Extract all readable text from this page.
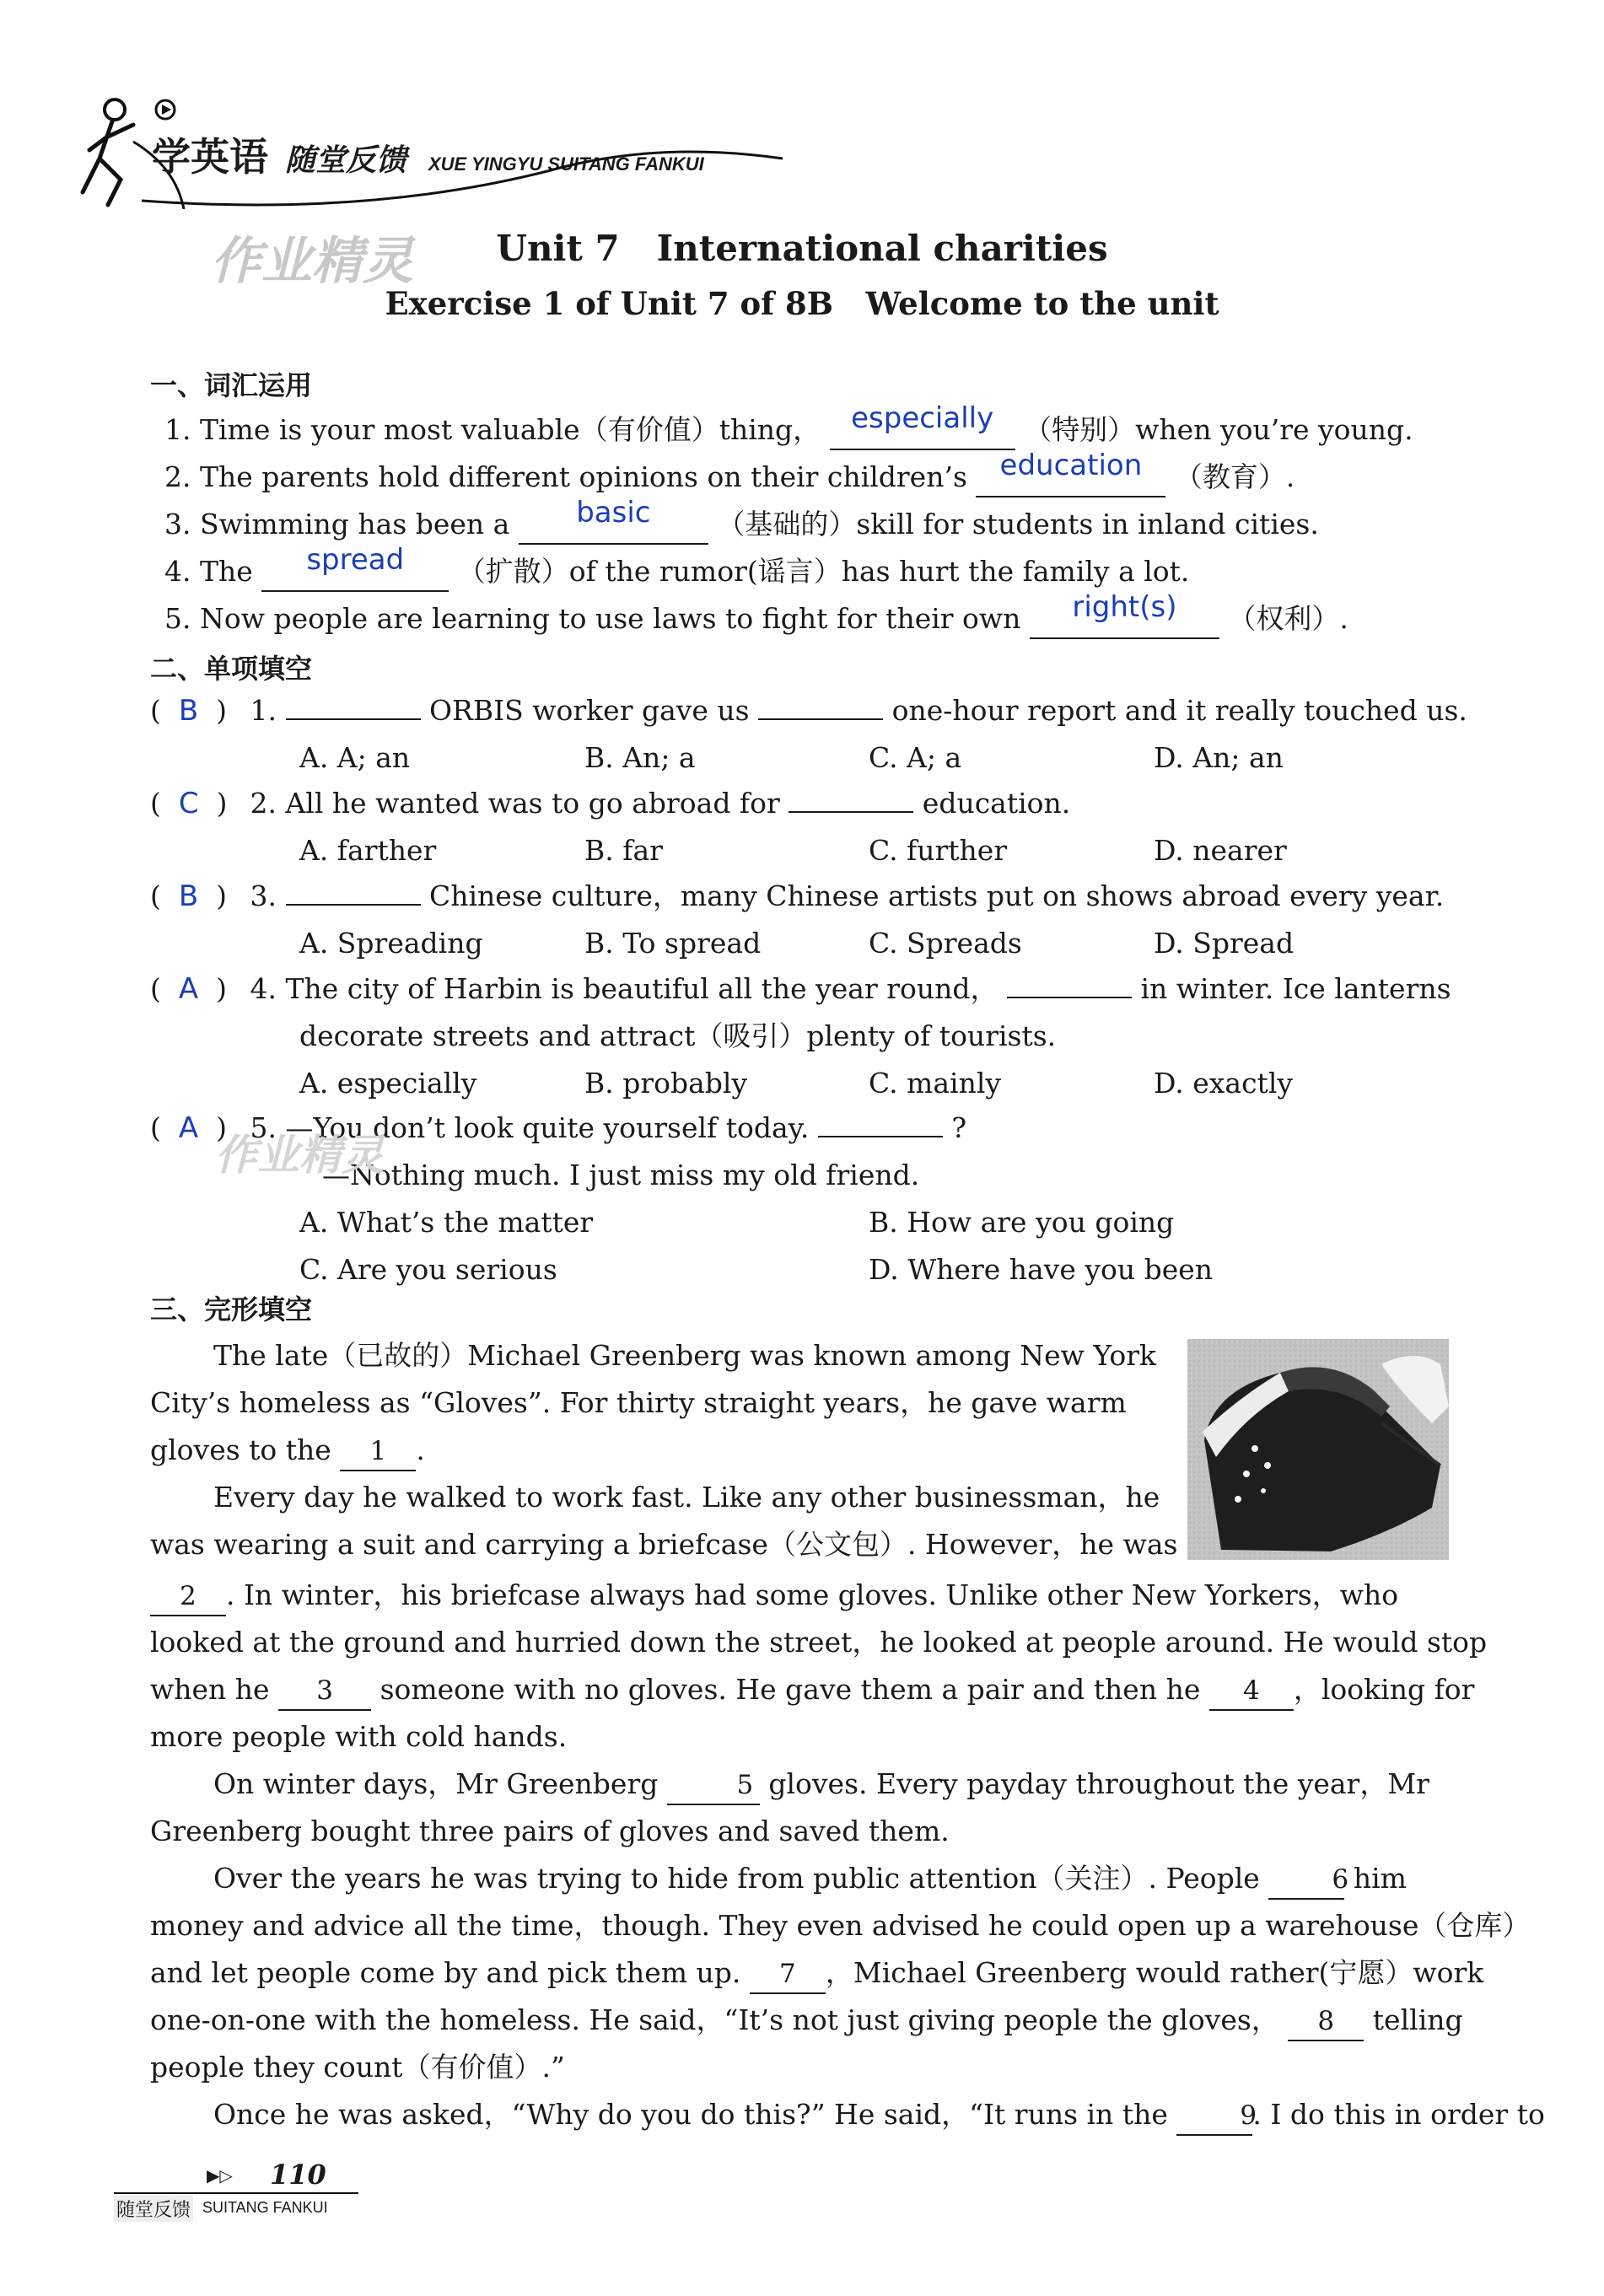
学英语 随堂反馈 XUE YINGYU SUITANG FANKUI
作业精灵	Unit 7   International charities
Exercise 1 of Unit 7 of 8B   Welcome to the unit
一、词汇运用
1. Time is your most valuable（有价值）thing， especially （特别）when you’re young.
2. The parents hold different opinions on their children’s education （教育）.
3. Swimming has been a basic （基础的）skill for students in inland cities.
4. The spread （扩散）of the rumor(谣言）has hurt the family a lot.
5. Now people are learning to use laws to fight for their own right(s) （权利）.
二、单项填空
(  B  ) 1.	ORBIS worker gave us	one-hour report and it really touched us.
A. A; an	B. An; a	C. A; a	D. An; an
(  C  ) 2. All he wanted was to go abroad for	education.
A. farther	B. far	C. further	D. nearer
(  B  ) 3.	Chinese culture，many Chinese artists put on shows abroad every year.
A. Spreading	B. To spread	C. Spreads	D. Spread
(  A  ) 4. The city of Harbin is beautiful all the year round，	in winter. Ice lanterns
decorate streets and attract（吸引）plenty of tourists.
A. especially	B. probably	C. mainly	D. exactly
(  A  ) 5. —You don’t look quite yourself today.	?
—Nothing much. I just miss my old friend.
A. What’s the matter	B. How are you going
C. Are you serious	D. Where have you been
作业精灵
三、完形填空
The late（已故的）Michael Greenberg was known among New York
City’s homeless as “Gloves”. For thirty straight years，he gave warm
gloves to the 1 .
Every day he walked to work fast. Like any other businessman，he
was wearing a suit and carrying a briefcase（公文包）. However，he was
2 . In winter，his briefcase always had some gloves. Unlike other New Yorkers，who
looked at the ground and hurried down the street，he looked at people around. He would stop
when he 3 someone with no gloves. He gave them a pair and then he 4 ，looking for
more people with cold hands.
On winter days，Mr Greenberg	5 gloves. Every payday throughout the year，Mr
Greenberg bought three pairs of gloves and saved them.
Over the years he was trying to hide from public attention（关注）. People	6 him
money and advice all the time，though. They even advised he could open up a warehouse（仓库）
and let people come by and pick them up. 7 ，Michael Greenberg would rather(宁愿）work
one-on-one with the homeless. He said，“It’s not just giving people the gloves， 8 telling
people they count（有价值）.”
Once he was asked，“Why do you do this?” He said，“It runs in the	9. I do this in order to
▶▷ 110
随堂反馈 SUITANG FANKUI
